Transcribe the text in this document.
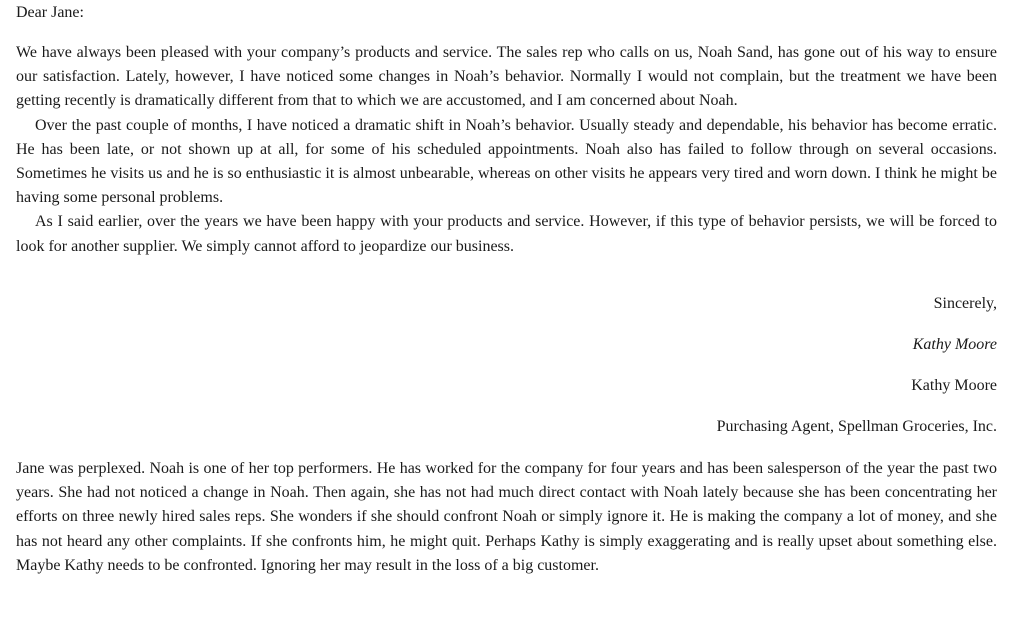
Dear Jane:

We have always been pleased with your company’s products and service. The sales rep who calls on us, Noah Sand, has gone out of his way to ensure our satisfaction. Lately, however, I have noticed some changes in Noah’s behavior. Normally I would not complain, but the treatment we have been getting recently is dramatically different from that to which we are accustomed, and I am concerned about Noah.

Over the past couple of months, I have noticed a dramatic shift in Noah’s behavior. Usually steady and dependable, his behavior has become erratic. He has been late, or not shown up at all, for some of his scheduled appointments. Noah also has failed to follow through on several occasions. Sometimes he visits us and he is so enthusiastic it is almost unbearable, whereas on other visits he appears very tired and worn down. I think he might be having some personal problems.

As I said earlier, over the years we have been happy with your products and service. However, if this type of behavior persists, we will be forced to look for another supplier. We simply cannot afford to jeopardize our business.

Sincerely,

Kathy Moore

Kathy Moore

Purchasing Agent, Spellman Groceries, Inc.

Jane was perplexed. Noah is one of her top performers. He has worked for the company for four years and has been salesperson of the year the past two years. She had not noticed a change in Noah. Then again, she has not had much direct contact with Noah lately because she has been concentrating her efforts on three newly hired sales reps. She wonders if she should confront Noah or simply ignore it. He is making the company a lot of money, and she has not heard any other complaints. If she confronts him, he might quit. Perhaps Kathy is simply exaggerating and is really upset about something else. Maybe Kathy needs to be confronted. Ignoring her may result in the loss of a big customer.
